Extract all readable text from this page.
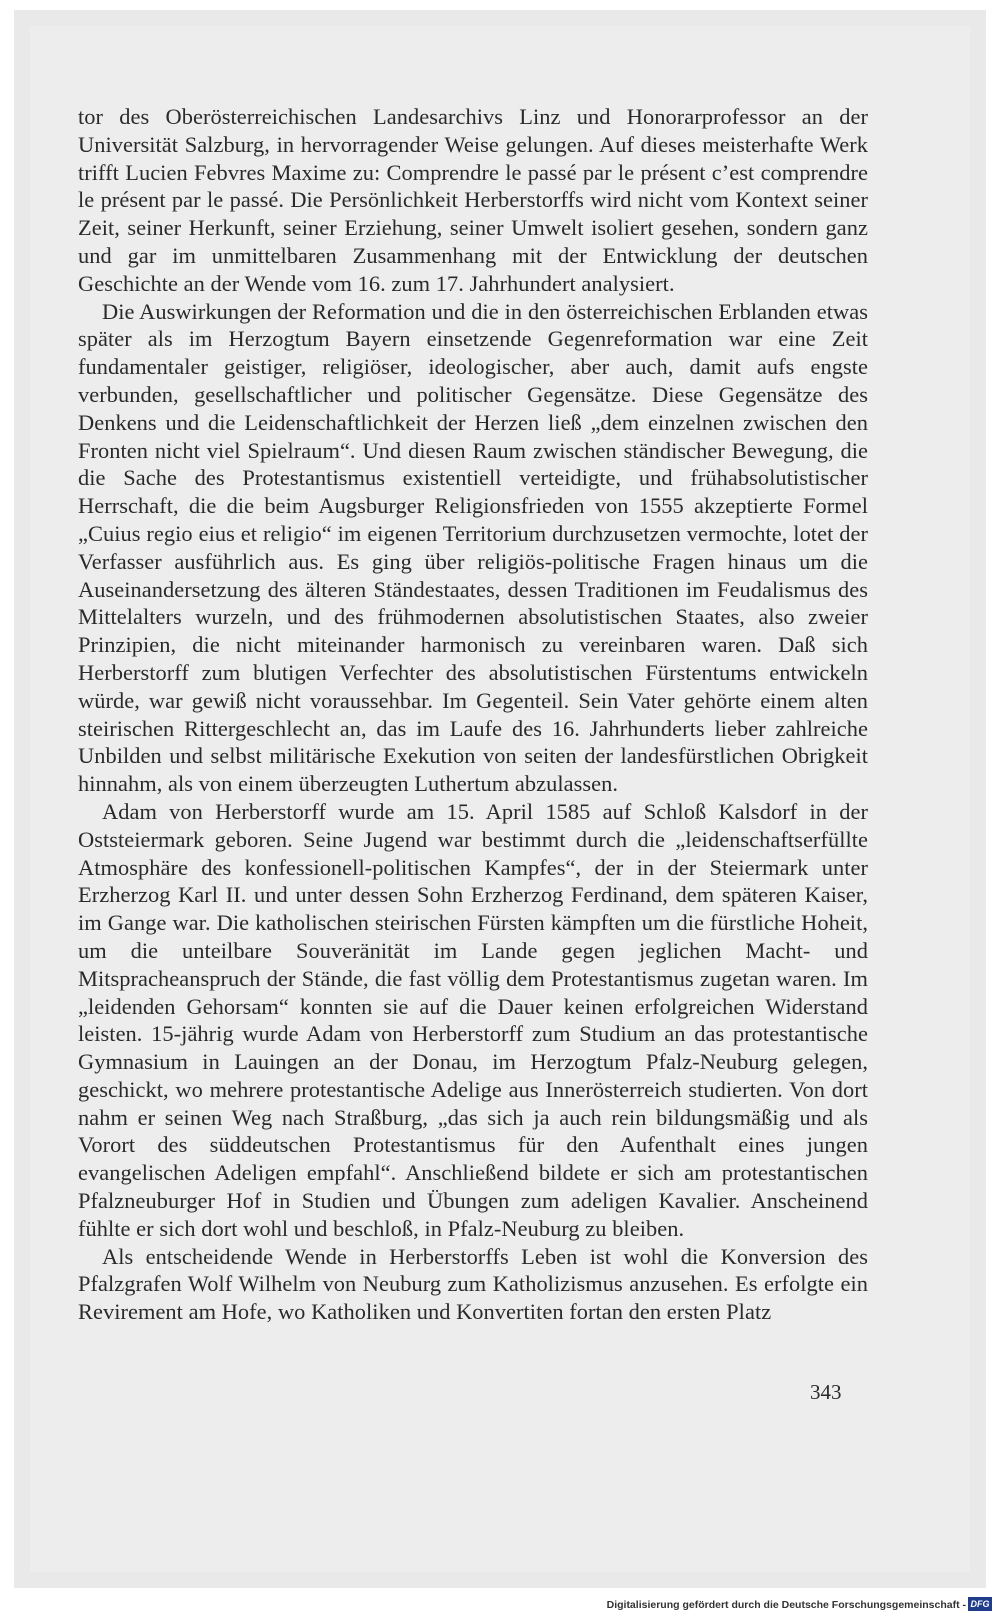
tor des Oberösterreichischen Landesarchivs Linz und Honorarprofessor an der Universität Salzburg, in hervorragender Weise gelungen. Auf dieses meisterhafte Werk trifft Lucien Febvres Maxime zu: Comprendre le passé par le présent c’est comprendre le présent par le passé. Die Persönlichkeit Herberstorffs wird nicht vom Kontext seiner Zeit, seiner Herkunft, seiner Erziehung, seiner Umwelt isoliert gesehen, sondern ganz und gar im unmittelbaren Zusammenhang mit der Entwicklung der deutschen Geschichte an der Wende vom 16. zum 17. Jahrhundert analysiert.

Die Auswirkungen der Reformation und die in den österreichischen Erblanden etwas später als im Herzogtum Bayern einsetzende Gegenreformation war eine Zeit fundamentaler geistiger, religiöser, ideologischer, aber auch, damit aufs engste verbunden, gesellschaftlicher und politischer Gegensätze. Diese Gegensätze des Denkens und die Leidenschaftlichkeit der Herzen ließ „dem einzelnen zwischen den Fronten nicht viel Spielraum“. Und diesen Raum zwischen ständischer Bewegung, die die Sache des Protestantismus existentiell verteidigte, und frühabsolutistischer Herrschaft, die die beim Augsburger Religionsfrieden von 1555 akzeptierte Formel „Cuius regio eius et religio“ im eigenen Territorium durchzusetzen vermochte, lotet der Verfasser ausführlich aus. Es ging über religiös-politische Fragen hinaus um die Auseinandersetzung des älteren Ständestaates, dessen Traditionen im Feudalismus des Mittelalters wurzeln, und des frühmodernen absolutistischen Staates, also zweier Prinzipien, die nicht miteinander harmonisch zu vereinbaren waren. Daß sich Herberstorff zum blutigen Verfechter des absolutistischen Fürstentums entwickeln würde, war gewiß nicht voraussehbar. Im Gegenteil. Sein Vater gehörte einem alten steirischen Rittergeschlecht an, das im Laufe des 16. Jahrhunderts lieber zahlreiche Unbilden und selbst militärische Exekution von seiten der landesfürstlichen Obrigkeit hinnahm, als von einem überzeugten Luthertum abzulassen.

Adam von Herberstorff wurde am 15. April 1585 auf Schloß Kalsdorf in der Oststeiermark geboren. Seine Jugend war bestimmt durch die „leidenschaftserfüllte Atmosphäre des konfessionell-politischen Kampfes“, der in der Steiermark unter Erzherzog Karl II. und unter dessen Sohn Erzherzog Ferdinand, dem späteren Kaiser, im Gange war. Die katholischen steirischen Fürsten kämpften um die fürstliche Hoheit, um die unteilbare Souveränität im Lande gegen jeglichen Macht- und Mitspracheanspruch der Stände, die fast völlig dem Protestantismus zugetan waren. Im „leidenden Gehorsam“ konnten sie auf die Dauer keinen erfolgreichen Widerstand leisten. 15-jährig wurde Adam von Herberstorff zum Studium an das protestantische Gymnasium in Lauingen an der Donau, im Herzogtum Pfalz-Neuburg gelegen, geschickt, wo mehrere protestantische Adelige aus Innerösterreich studierten. Von dort nahm er seinen Weg nach Straßburg, „das sich ja auch rein bildungsmäßig und als Vorort des süddeutschen Protestantismus für den Aufenthalt eines jungen evangelischen Adeligen empfahl“. Anschließend bildete er sich am protestantischen Pfalzneuburger Hof in Studien und Übungen zum adeligen Kavalier. Anscheinend fühlte er sich dort wohl und beschloß, in Pfalz-Neuburg zu bleiben.

Als entscheidende Wende in Herberstorffs Leben ist wohl die Konversion des Pfalzgrafen Wolf Wilhelm von Neuburg zum Katholizismus anzusehen. Es erfolgte ein Revirement am Hofe, wo Katholiken und Konvertiten fortan den ersten Platz

343
Digitalisierung gefördert durch die Deutsche Forschungsgemeinschaft - DFG
